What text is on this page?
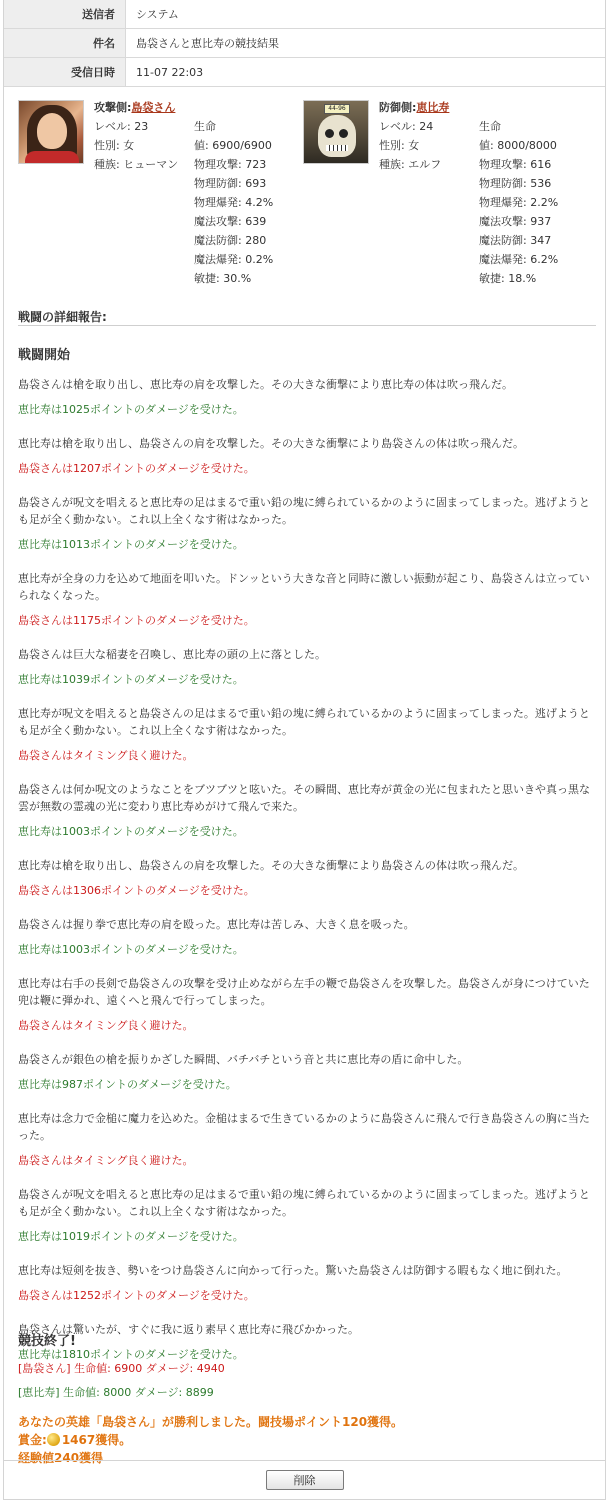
送信者	システム
件名	島袋さんと恵比寿の競技結果
受信日時	11-07 22:03
攻撃側:島袋さん
レベル: 23
性別: 女
種族: ヒューマン
生命
値: 6900/6900
物理攻撃: 723
物理防御: 693
物理爆発: 4.2%
魔法攻撃: 639
魔法防御: 280
魔法爆発: 0.2%
敏捷: 30.%
44-96	防御側:恵比寿
レベル: 24
性別: 女
種族: エルフ
生命
値: 8000/8000
物理攻撃: 616
物理防御: 536
物理爆発: 2.2%
魔法攻撃: 937
魔法防御: 347
魔法爆発: 6.2%
敏捷: 18.%
戦闘の詳細報告:
戦闘開始
島袋さんは槍を取り出し、恵比寿の肩を攻撃した。その大きな衝撃により恵比寿の体は吹っ飛んだ。
恵比寿は1025ポイントのダメージを受けた。
恵比寿は槍を取り出し、島袋さんの肩を攻撃した。その大きな衝撃により島袋さんの体は吹っ飛んだ。
島袋さんは1207ポイントのダメージを受けた。
島袋さんが呪文を唱えると恵比寿の足はまるで重い鉛の塊に縛られているかのように固まってしまった。逃げようとも足が全く動かない。これ以上全くなす術はなかった。
恵比寿は1013ポイントのダメージを受けた。
恵比寿が全身の力を込めて地面を叩いた。ドンッという大きな音と同時に激しい振動が起こり、島袋さんは立っていられなくなった。
島袋さんは1175ポイントのダメージを受けた。
島袋さんは巨大な稲妻を召喚し、恵比寿の頭の上に落とした。
恵比寿は1039ポイントのダメージを受けた。
恵比寿が呪文を唱えると島袋さんの足はまるで重い鉛の塊に縛られているかのように固まってしまった。逃げようとも足が全く動かない。これ以上全くなす術はなかった。
島袋さんはタイミング良く避けた。
島袋さんは何か呪文のようなことをブツブツと呟いた。その瞬間、恵比寿が黄金の光に包まれたと思いきや真っ黒な雲が無数の霊魂の光に変わり恵比寿めがけて飛んで来た。
恵比寿は1003ポイントのダメージを受けた。
恵比寿は槍を取り出し、島袋さんの肩を攻撃した。その大きな衝撃により島袋さんの体は吹っ飛んだ。
島袋さんは1306ポイントのダメージを受けた。
島袋さんは握り拳で恵比寿の肩を殴った。恵比寿は苦しみ、大きく息を吸った。
恵比寿は1003ポイントのダメージを受けた。
恵比寿は右手の長剣で島袋さんの攻撃を受け止めながら左手の鞭で島袋さんを攻撃した。島袋さんが身につけていた兜は鞭に弾かれ、遠くへと飛んで行ってしまった。
島袋さんはタイミング良く避けた。
島袋さんが銀色の槍を振りかざした瞬間、バチバチという音と共に恵比寿の盾に命中した。
恵比寿は987ポイントのダメージを受けた。
恵比寿は念力で金槌に魔力を込めた。金槌はまるで生きているかのように島袋さんに飛んで行き島袋さんの胸に当たった。
島袋さんはタイミング良く避けた。
島袋さんが呪文を唱えると恵比寿の足はまるで重い鉛の塊に縛られているかのように固まってしまった。逃げようとも足が全く動かない。これ以上全くなす術はなかった。
恵比寿は1019ポイントのダメージを受けた。
恵比寿は短剣を抜き、勢いをつけ島袋さんに向かって行った。驚いた島袋さんは防御する暇もなく地に倒れた。
島袋さんは1252ポイントのダメージを受けた。
島袋さんは驚いたが、すぐに我に返り素早く恵比寿に飛びかかった。
恵比寿は1810ポイントのダメージを受けた。
競技終了!
[島袋さん] 生命値: 6900 ダメージ: 4940
[恵比寿] 生命値: 8000 ダメージ: 8899
あなたの英雄「島袋さん」が勝利しました。闘技場ポイント120獲得。
賞金: 1467獲得。
経験値240獲得
削除
